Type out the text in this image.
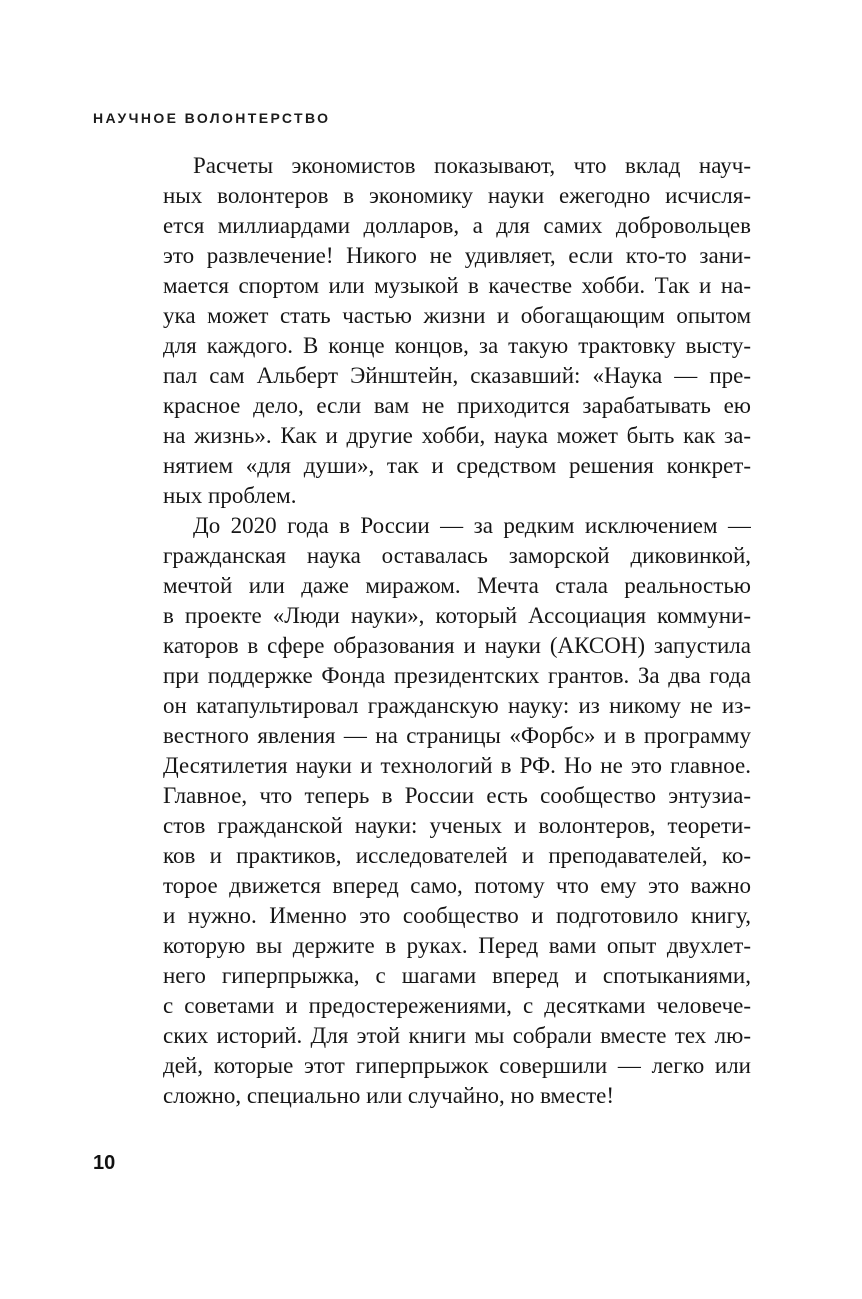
НАУЧНОЕ ВОЛОНТЕРСТВО
Расчеты экономистов показывают, что вклад науч-
ных волонтеров в экономику науки ежегодно исчисля-
ется миллиардами долларов, а для самих добровольцев
это развлечение! Никого не удивляет, если кто-то зани-
мается спортом или музыкой в качестве хобби. Так и на-
ука может стать частью жизни и обогащающим опытом
для каждого. В конце концов, за такую трактовку высту-
пал сам Альберт Эйнштейн, сказавший: «Наука — пре-
красное дело, если вам не приходится зарабатывать ею
на жизнь». Как и другие хобби, наука может быть как за-
нятием «для души», так и средством решения конкрет-
ных проблем.
До 2020 года в России — за редким исключением —
гражданская наука оставалась заморской диковинкой,
мечтой или даже миражом. Мечта стала реальностью
в проекте «Люди науки», который Ассоциация коммуни-
каторов в сфере образования и науки (АКСОН) запустила
при поддержке Фонда президентских грантов. За два года
он катапультировал гражданскую науку: из никому не из-
вестного явления — на страницы «Форбс» и в программу
Десятилетия науки и технологий в РФ. Но не это главное.
Главное, что теперь в России есть сообщество энтузиа-
стов гражданской науки: ученых и волонтеров, теорети-
ков и практиков, исследователей и преподавателей, ко-
торое движется вперед само, потому что ему это важно
и нужно. Именно это сообщество и подготовило книгу,
которую вы держите в руках. Перед вами опыт двухлет-
него гиперпрыжка, с шагами вперед и спотыканиями,
с советами и предостережениями, с десятками человече-
ских историй. Для этой книги мы собрали вместе тех лю-
дей, которые этот гиперпрыжок совершили — легко или
сложно, специально или случайно, но вместе!
10
